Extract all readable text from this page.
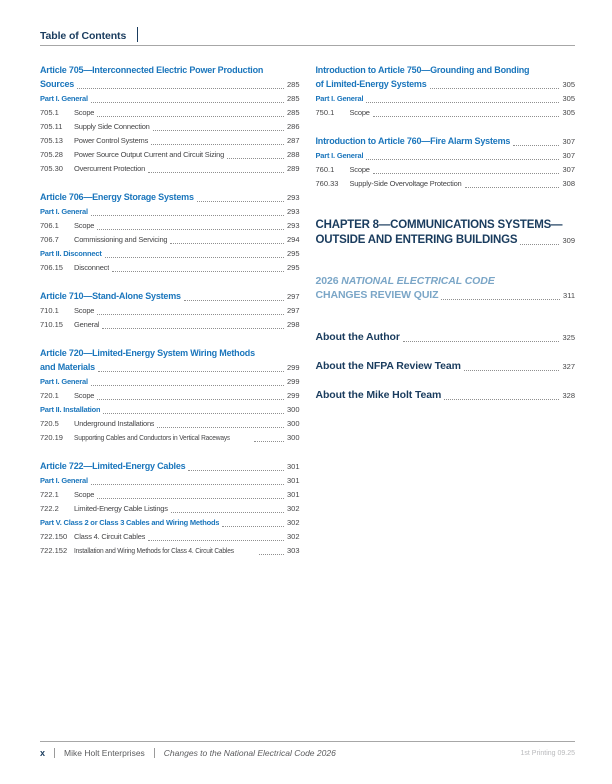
Table of Contents
Article 705—Interconnected Electric Power Production
Sources	285
Part I. General	285
705.1	Scope	285
705.11	Supply Side Connection	286
705.13	Power Control Systems	287
705.28	Power Source Output Current and Circuit Sizing	288
705.30	Overcurrent Protection	289
Article 706—Energy Storage Systems	293
Part I. General	293
706.1	Scope	293
706.7	Commissioning and Servicing	294
Part II. Disconnect	295
706.15	Disconnect	295
Article 710—Stand-Alone Systems	297
710.1	Scope	297
710.15	General	298
Article 720—Limited-Energy System Wiring Methods
and Materials	299
Part I. General	299
720.1	Scope	299
Part II. Installation	300
720.5	Underground Installations	300
720.19	Supporting Cables and Conductors in Vertical Raceways	300
Article 722—Limited-Energy Cables	301
Part I. General	301
722.1	Scope	301
722.2	Limited-Energy Cable Listings	302
Part V. Class 2 or Class 3 Cables and Wiring Methods	302
722.150 Class 4. Circuit Cables	302
722.152 Installation and Wiring Methods for Class 4. Circuit Cables	303
Introduction to Article 750—Grounding and Bonding
of Limited-Energy Systems	305
Part I. General	305
750.1	Scope	305
Introduction to Article 760—Fire Alarm Systems	307
Part I. General	307
760.1	Scope	307
760.33	Supply-Side Overvoltage Protection	308
CHAPTER 8—COMMUNICATIONS SYSTEMS—
OUTSIDE AND ENTERING BUILDINGS	309
2026 NATIONAL ELECTRICAL CODE
CHANGES REVIEW QUIZ	311
About the Author	325
About the NFPA Review Team	327
About the Mike Holt Team	328
x Mike Holt Enterprises Changes to the National Electrical Code 2026	1st Printing 09.25
